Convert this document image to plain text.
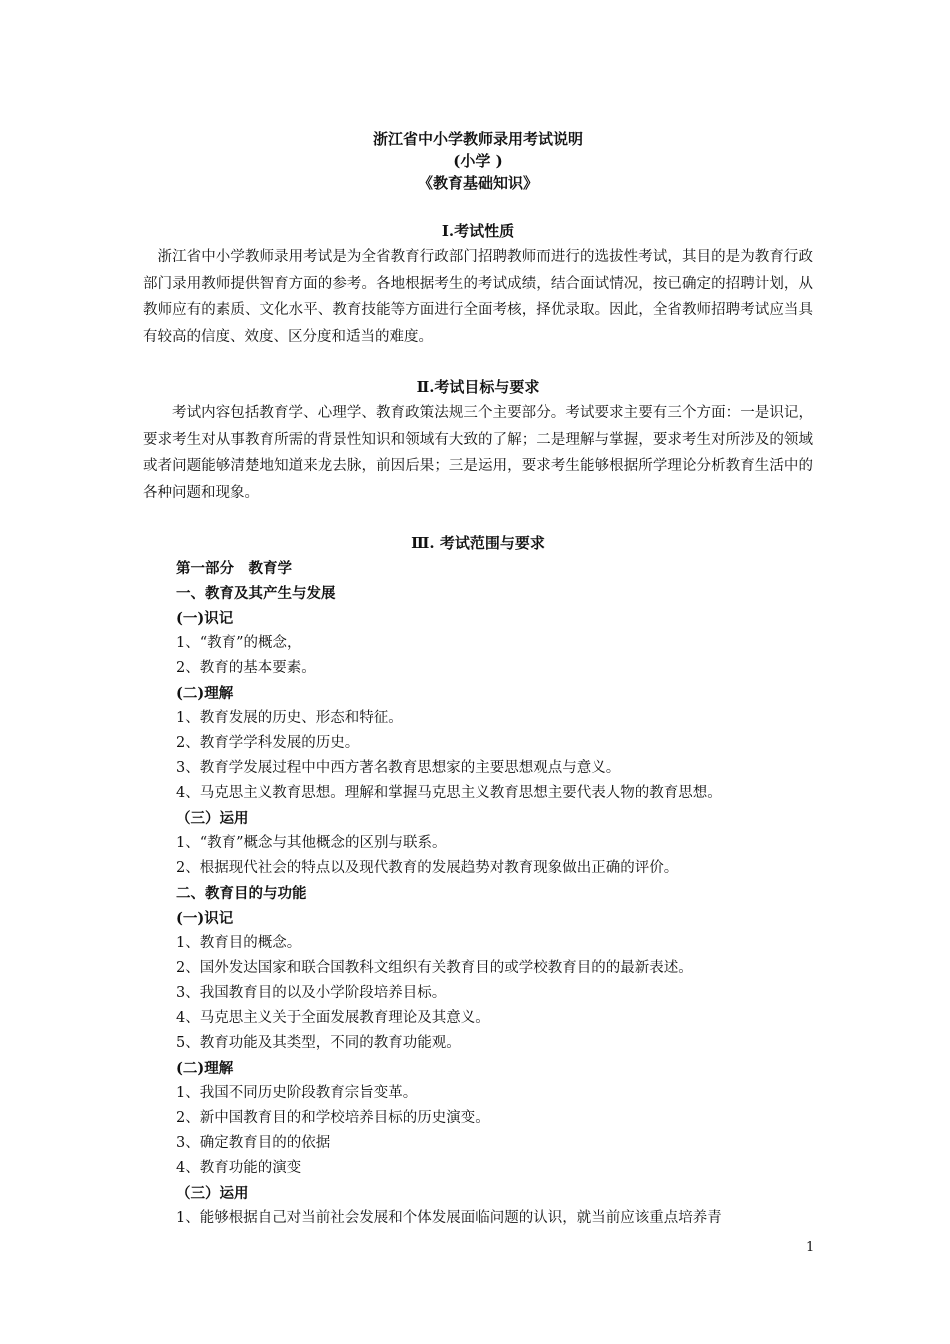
浙江省中小学教师录用考试说明
(小学 )
《教育基础知识》
Ⅰ.考试性质
浙江省中小学教师录用考试是为全省教育行政部门招聘教师而进行的选拔性考试，其目的是为教育行政部门录用教师提供智育方面的参考。各地根据考生的考试成绩，结合面试情况，按已确定的招聘计划，从教师应有的素质、文化水平、教育技能等方面进行全面考核，择优录取。因此，全省教师招聘考试应当具有较高的信度、效度、区分度和适当的难度。
Ⅱ.考试目标与要求
考试内容包括教育学、心理学、教育政策法规三个主要部分。考试要求主要有三个方面：一是识记，要求考生对从事教育所需的背景性知识和领域有大致的了解；二是理解与掌握，要求考生对所涉及的领域或者问题能够清楚地知道来龙去脉，前因后果；三是运用，要求考生能够根据所学理论分析教育生活中的各种问题和现象。
Ⅲ. 考试范围与要求
第一部分　教育学
一、教育及其产生与发展
(一)识记
1、“教育”的概念，
2、教育的基本要素。
(二)理解
1、教育发展的历史、形态和特征。
2、教育学学科发展的历史。
3、教育学发展过程中中西方著名教育思想家的主要思想观点与意义。
4、马克思主义教育思想。理解和掌握马克思主义教育思想主要代表人物的教育思想。
（三）运用
1、“教育”概念与其他概念的区别与联系。
2、根据现代社会的特点以及现代教育的发展趋势对教育现象做出正确的评价。
二、教育目的与功能
(一)识记
1、教育目的概念。
2、国外发达国家和联合国教科文组织有关教育目的或学校教育目的的最新表述。
3、我国教育目的以及小学阶段培养目标。
4、马克思主义关于全面发展教育理论及其意义。
5、教育功能及其类型，不同的教育功能观。
(二)理解
1、我国不同历史阶段教育宗旨变革。
2、新中国教育目的和学校培养目标的历史演变。
3、确定教育目的的依据
4、教育功能的演变
（三）运用
1、能够根据自己对当前社会发展和个体发展面临问题的认识，就当前应该重点培养青
1
